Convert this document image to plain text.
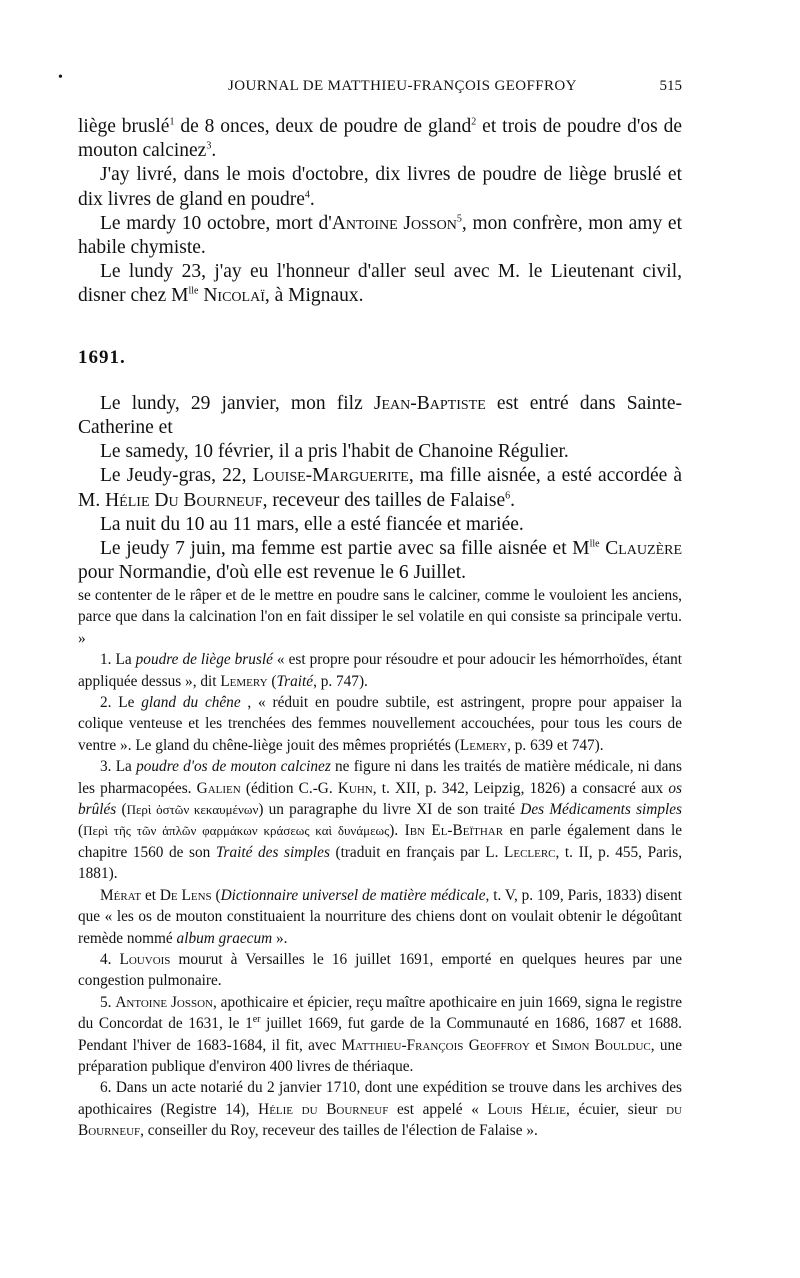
•
JOURNAL DE MATTHIEU-FRANÇOIS GEOFFROY	515

liège bruslé$^1$ de 8 onces, deux de poudre de gland$^2$ et trois de poudre d'os de mouton calcinez$^3$.

J'ay livré, dans le mois d'octobre, dix livres de poudre de liège bruslé et dix livres de gland en poudre$^4$.

Le mardy 10 octobre, mort d'Antoine Josson$^5$, mon confrère, mon amy et habile chymiste.

Le lundy 23, j'ay eu l'honneur d'aller seul avec M. le Lieutenant civil, disner chez $M^{lle}$ Nicolaï, à Mignaux.

1691.

Le lundy, 29 janvier, mon filz Jean-Baptiste est entré dans Sainte-Catherine et

Le samedy, 10 février, il a pris l'habit de Chanoine Régulier.

Le Jeudy-gras, 22, Louise-Marguerite, ma fille aisnée, a esté accordée à M. Hélie Du Bourneuf, receveur des tailles de Falaise$^6$.

La nuit du 10 au 11 mars, elle a esté fiancée et mariée.

Le jeudy 7 juin, ma femme est partie avec sa fille aisnée et $M^{lle}$ Clauzère pour Normandie, d'où elle est revenue le 6 Juillet.

se contenter de le râper et de le mettre en poudre sans le calciner, comme le vouloient les anciens, parce que dans la calcination l'on en fait dissiper le sel volatile en qui consiste sa principale vertu. »

1. La poudre de liège bruslé « est propre pour résoudre et pour adoucir les hémorrhoïdes, étant appliquée dessus », dit Lemery (Traité, p. 747).

2. Le gland du chêne , « réduit en poudre subtile, est astringent, propre pour appaiser la colique venteuse et les trenchées des femmes nouvellement accouchées, pour tous les cours de ventre ». Le gland du chêne-liège jouit des mêmes propriétés (Lemery, p. 639 et 747).

3. La poudre d'os de mouton calcinez ne figure ni dans les traités de matière médicale, ni dans les pharmacopées. Galien (édition C.-G. Kuhn, t. XII, p. 342, Leipzig, 1826) a consacré aux os brûlés (Περὶ ὀστῶν κεκαυμένων) un paragraphe du livre XI de son traité Des Médicaments simples (Περὶ τῆς τῶν ἁπλῶν φαρμάκων κράσεως καὶ δυνάμεως). Ibn El-Beïthar en parle également dans le chapitre 1560 de son Traité des simples (traduit en français par L. Leclerc, t. II, p. 455, Paris, 1881).

Mérat et De Lens (Dictionnaire universel de matière médicale, t. V, p. 109, Paris, 1833) disent que « les os de mouton constituaient la nourriture des chiens dont on voulait obtenir le dégoûtant remède nommé album graecum ».

4. Louvois mourut à Versailles le 16 juillet 1691, emporté en quelques heures par une congestion pulmonaire.

5. Antoine Josson, apothicaire et épicier, reçu maître apothicaire en juin 1669, signa le registre du Concordat de 1631, le 1er juillet 1669, fut garde de la Communauté en 1686, 1687 et 1688. Pendant l'hiver de 1683-1684, il fit, avec Matthieu-François Geoffroy et Simon Boulduc, une préparation publique d'environ 400 livres de thériaque.

6. Dans un acte notarié du 2 janvier 1710, dont une expédition se trouve dans les archives des apothicaires (Registre 14), Hélie du Bourneuf est appelé « Louis Hélie, écuier, sieur du Bourneuf, conseiller du Roy, receveur des tailles de l'élection de Falaise ».
